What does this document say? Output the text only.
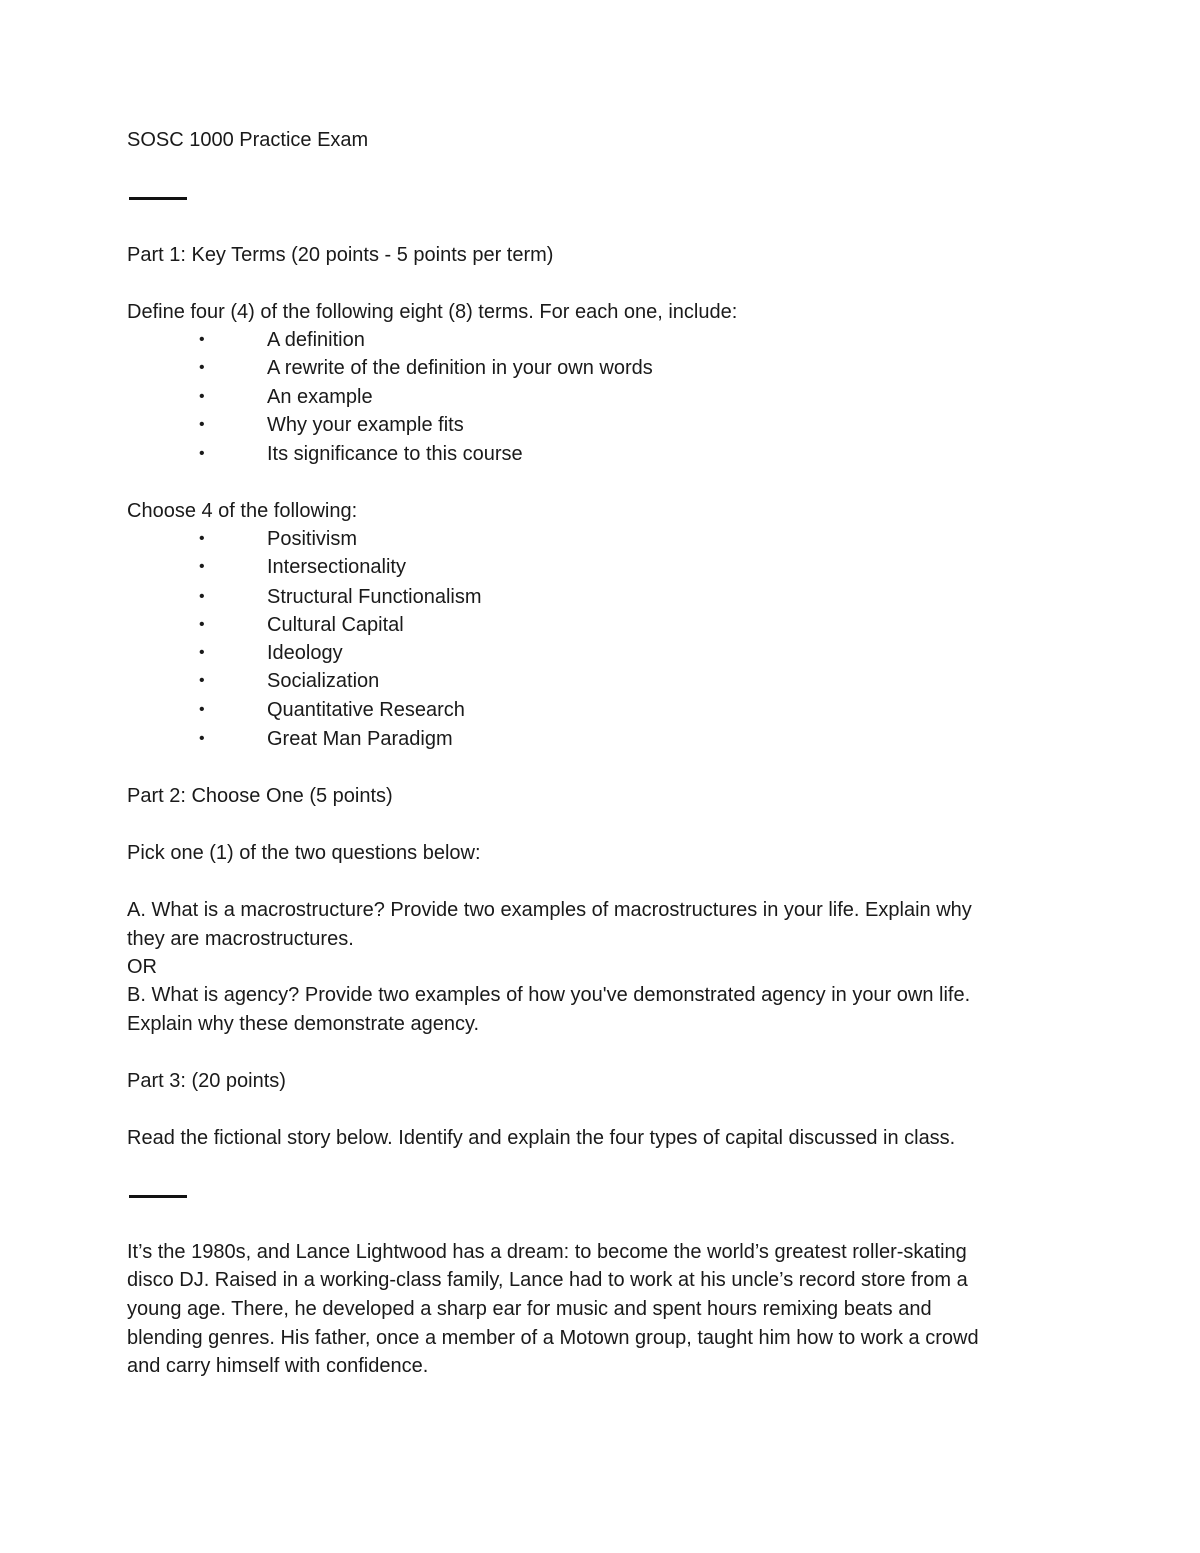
SOSC 1000 Practice Exam
Part 1: Key Terms (20 points - 5 points per term)
Define four (4) of the following eight (8) terms. For each one, include:
•	A definition
•	A rewrite of the definition in your own words
•	An example
•	Why your example fits
•	Its significance to this course
Choose 4 of the following:
•	Positivism
•	Intersectionality
•	Structural Functionalism
•	Cultural Capital
•	Ideology
•	Socialization
•	Quantitative Research
•	Great Man Paradigm
Part 2: Choose One (5 points)
Pick one (1) of the two questions below:
A. What is a macrostructure? Provide two examples of macrostructures in your life. Explain why
they are macrostructures.
OR
B. What is agency? Provide two examples of how you've demonstrated agency in your own life.
Explain why these demonstrate agency.
Part 3: (20 points)
Read the fictional story below. Identify and explain the four types of capital discussed in class.
It’s the 1980s, and Lance Lightwood has a dream: to become the world’s greatest roller-skating
disco DJ. Raised in a working-class family, Lance had to work at his uncle’s record store from a
young age. There, he developed a sharp ear for music and spent hours remixing beats and
blending genres. His father, once a member of a Motown group, taught him how to work a crowd
and carry himself with confidence.
